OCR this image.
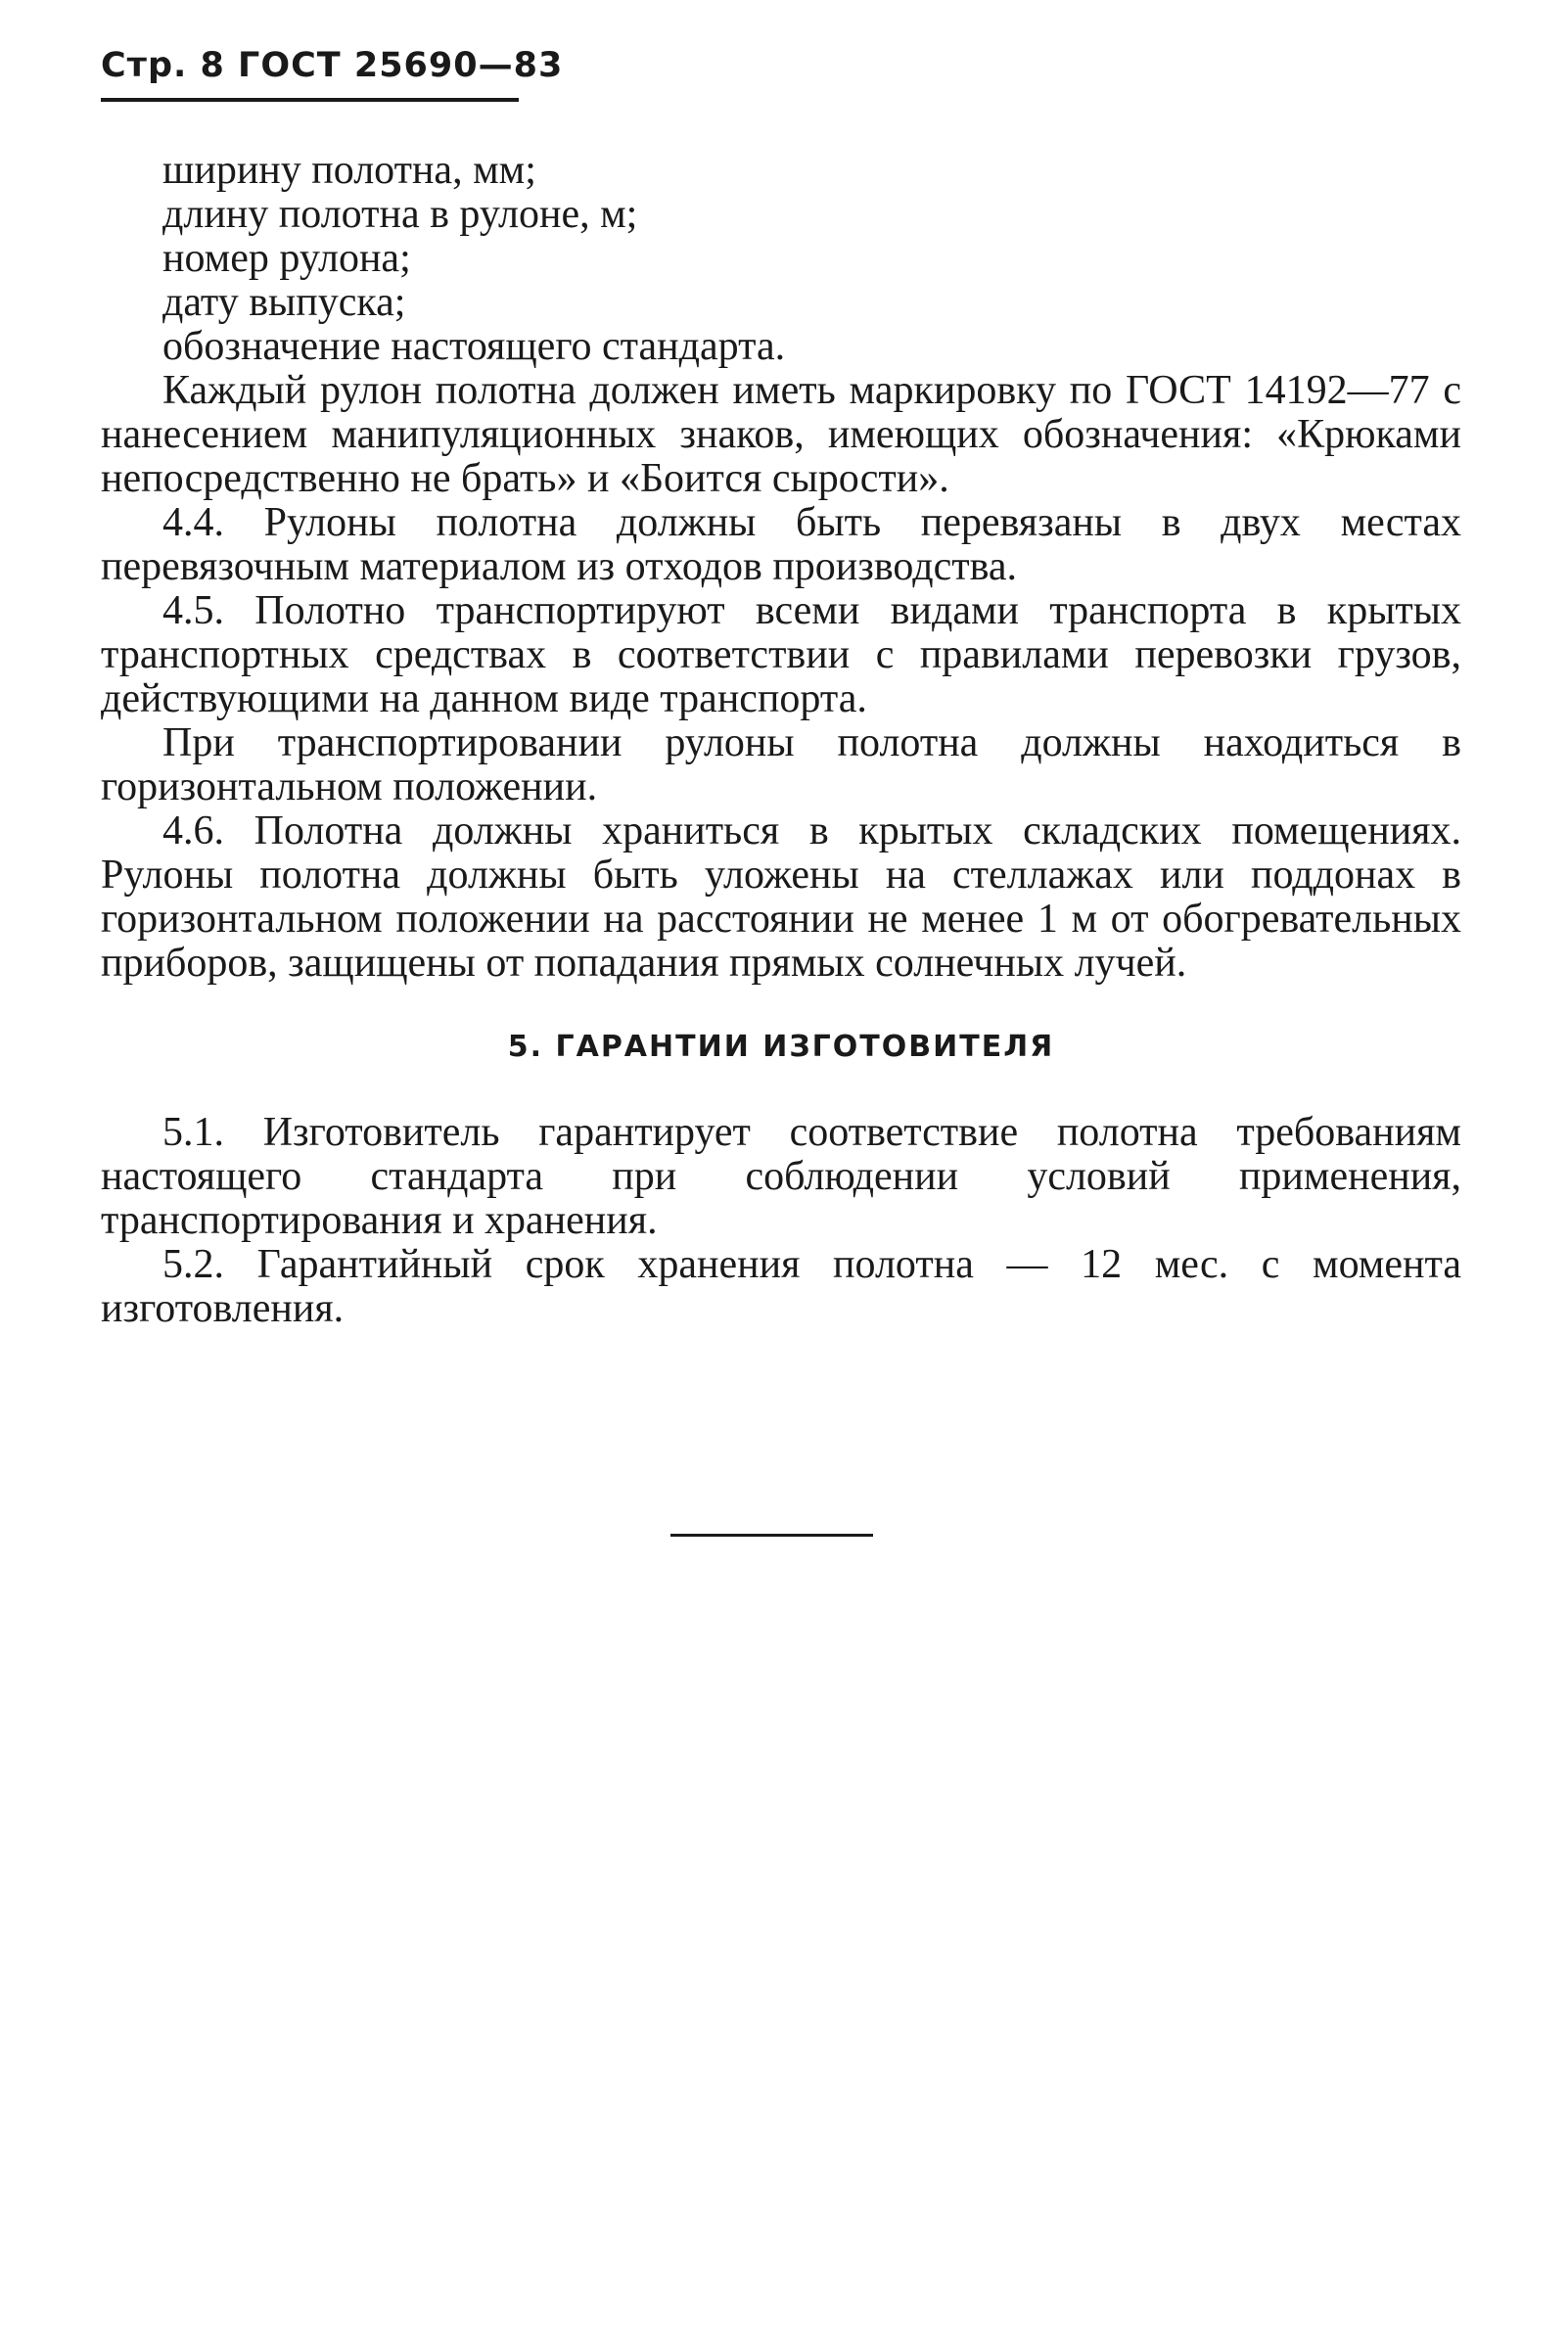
Стр. 8 ГОСТ 25690—83

ширину полотна, мм;

длину полотна в рулоне, м;

номер рулона;

дату выпуска;

обозначение настоящего стандарта.

Каждый рулон полотна должен иметь маркировку по ГОСТ 14192—77 с нанесением манипуляционных знаков, имеющих обозначения: «Крюками непосредственно не брать» и «Боится сырости».

4.4. Рулоны полотна должны быть перевязаны в двух местах перевязочным материалом из отходов производства.

4.5. Полотно транспортируют всеми видами транспорта в крытых транспортных средствах в соответствии с правилами перевозки грузов, действующими на данном виде транспорта.

При транспортировании рулоны полотна должны находиться в горизонтальном положении.

4.6. Полотна должны храниться в крытых складских помещениях. Рулоны полотна должны быть уложены на стеллажах или поддонах в горизонтальном положении на расстоянии не менее 1 м от обогревательных приборов, защищены от попадания прямых солнечных лучей.

5. ГАРАНТИИ ИЗГОТОВИТЕЛЯ

5.1. Изготовитель гарантирует соответствие полотна требованиям настоящего стандарта при соблюдении условий применения, транспортирования и хранения.

5.2. Гарантийный срок хранения полотна — 12 мес. с момента изготовления.
